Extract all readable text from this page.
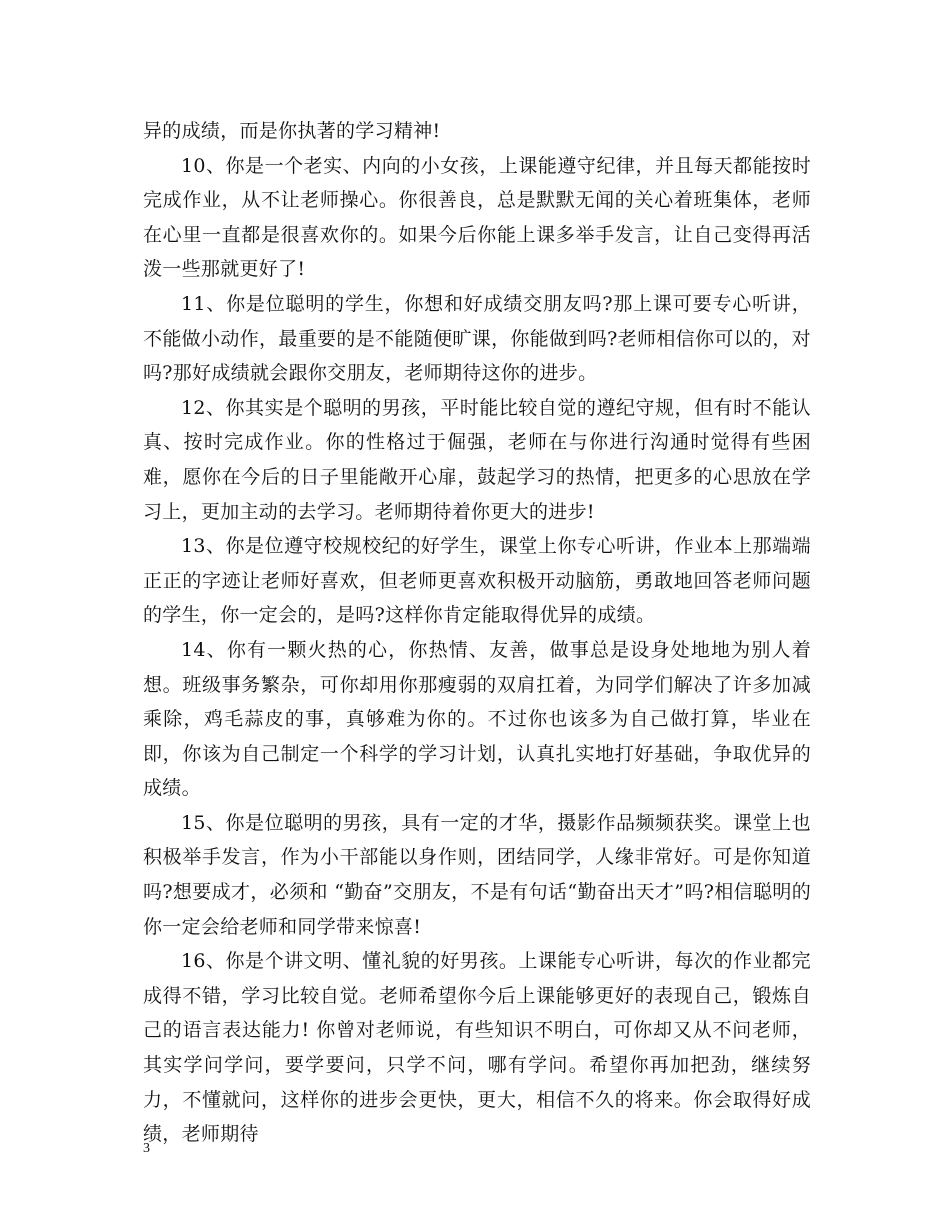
异的成绩，而是你执著的学习精神!

10、你是一个老实、内向的小女孩，上课能遵守纪律，并且每天都能按时完成作业，从不让老师操心。你很善良，总是默默无闻的关心着班集体，老师在心里一直都是很喜欢你的。如果今后你能上课多举手发言，让自己变得再活泼一些那就更好了!

11、你是位聪明的学生，你想和好成绩交朋友吗?那上课可要专心听讲，不能做小动作，最重要的是不能随便旷课，你能做到吗?老师相信你可以的，对吗?那好成绩就会跟你交朋友，老师期待这你的进步。

12、你其实是个聪明的男孩，平时能比较自觉的遵纪守规，但有时不能认真、按时完成作业。你的性格过于倔强，老师在与你进行沟通时觉得有些困难，愿你在今后的日子里能敞开心扉，鼓起学习的热情，把更多的心思放在学习上，更加主动的去学习。老师期待着你更大的进步!

13、你是位遵守校规校纪的好学生，课堂上你专心听讲，作业本上那端端正正的字迹让老师好喜欢，但老师更喜欢积极开动脑筋，勇敢地回答老师问题的学生，你一定会的，是吗?这样你肯定能取得优异的成绩。

14、你有一颗火热的心，你热情、友善，做事总是设身处地地为别人着想。班级事务繁杂，可你却用你那瘦弱的双肩扛着，为同学们解决了许多加减乘除，鸡毛蒜皮的事，真够难为你的。不过你也该多为自己做打算，毕业在即，你该为自己制定一个科学的学习计划，认真扎实地打好基础，争取优异的成绩。

15、你是位聪明的男孩，具有一定的才华，摄影作品频频获奖。课堂上也积极举手发言，作为小干部能以身作则，团结同学，人缘非常好。可是你知道吗?想要成才，必须和 “勤奋”交朋友，不是有句话“勤奋出天才”吗?相信聪明的你一定会给老师和同学带来惊喜!

16、你是个讲文明、懂礼貌的好男孩。上课能专心听讲，每次的作业都完成得不错，学习比较自觉。老师希望你今后上课能够更好的表现自己，锻炼自己的语言表达能力! 你曾对老师说，有些知识不明白，可你却又从不问老师，其实学问学问，要学要问，只学不问，哪有学问。希望你再加把劲，继续努力，不懂就问，这样你的进步会更快，更大，相信不久的将来。你会取得好成绩，老师期待

3
